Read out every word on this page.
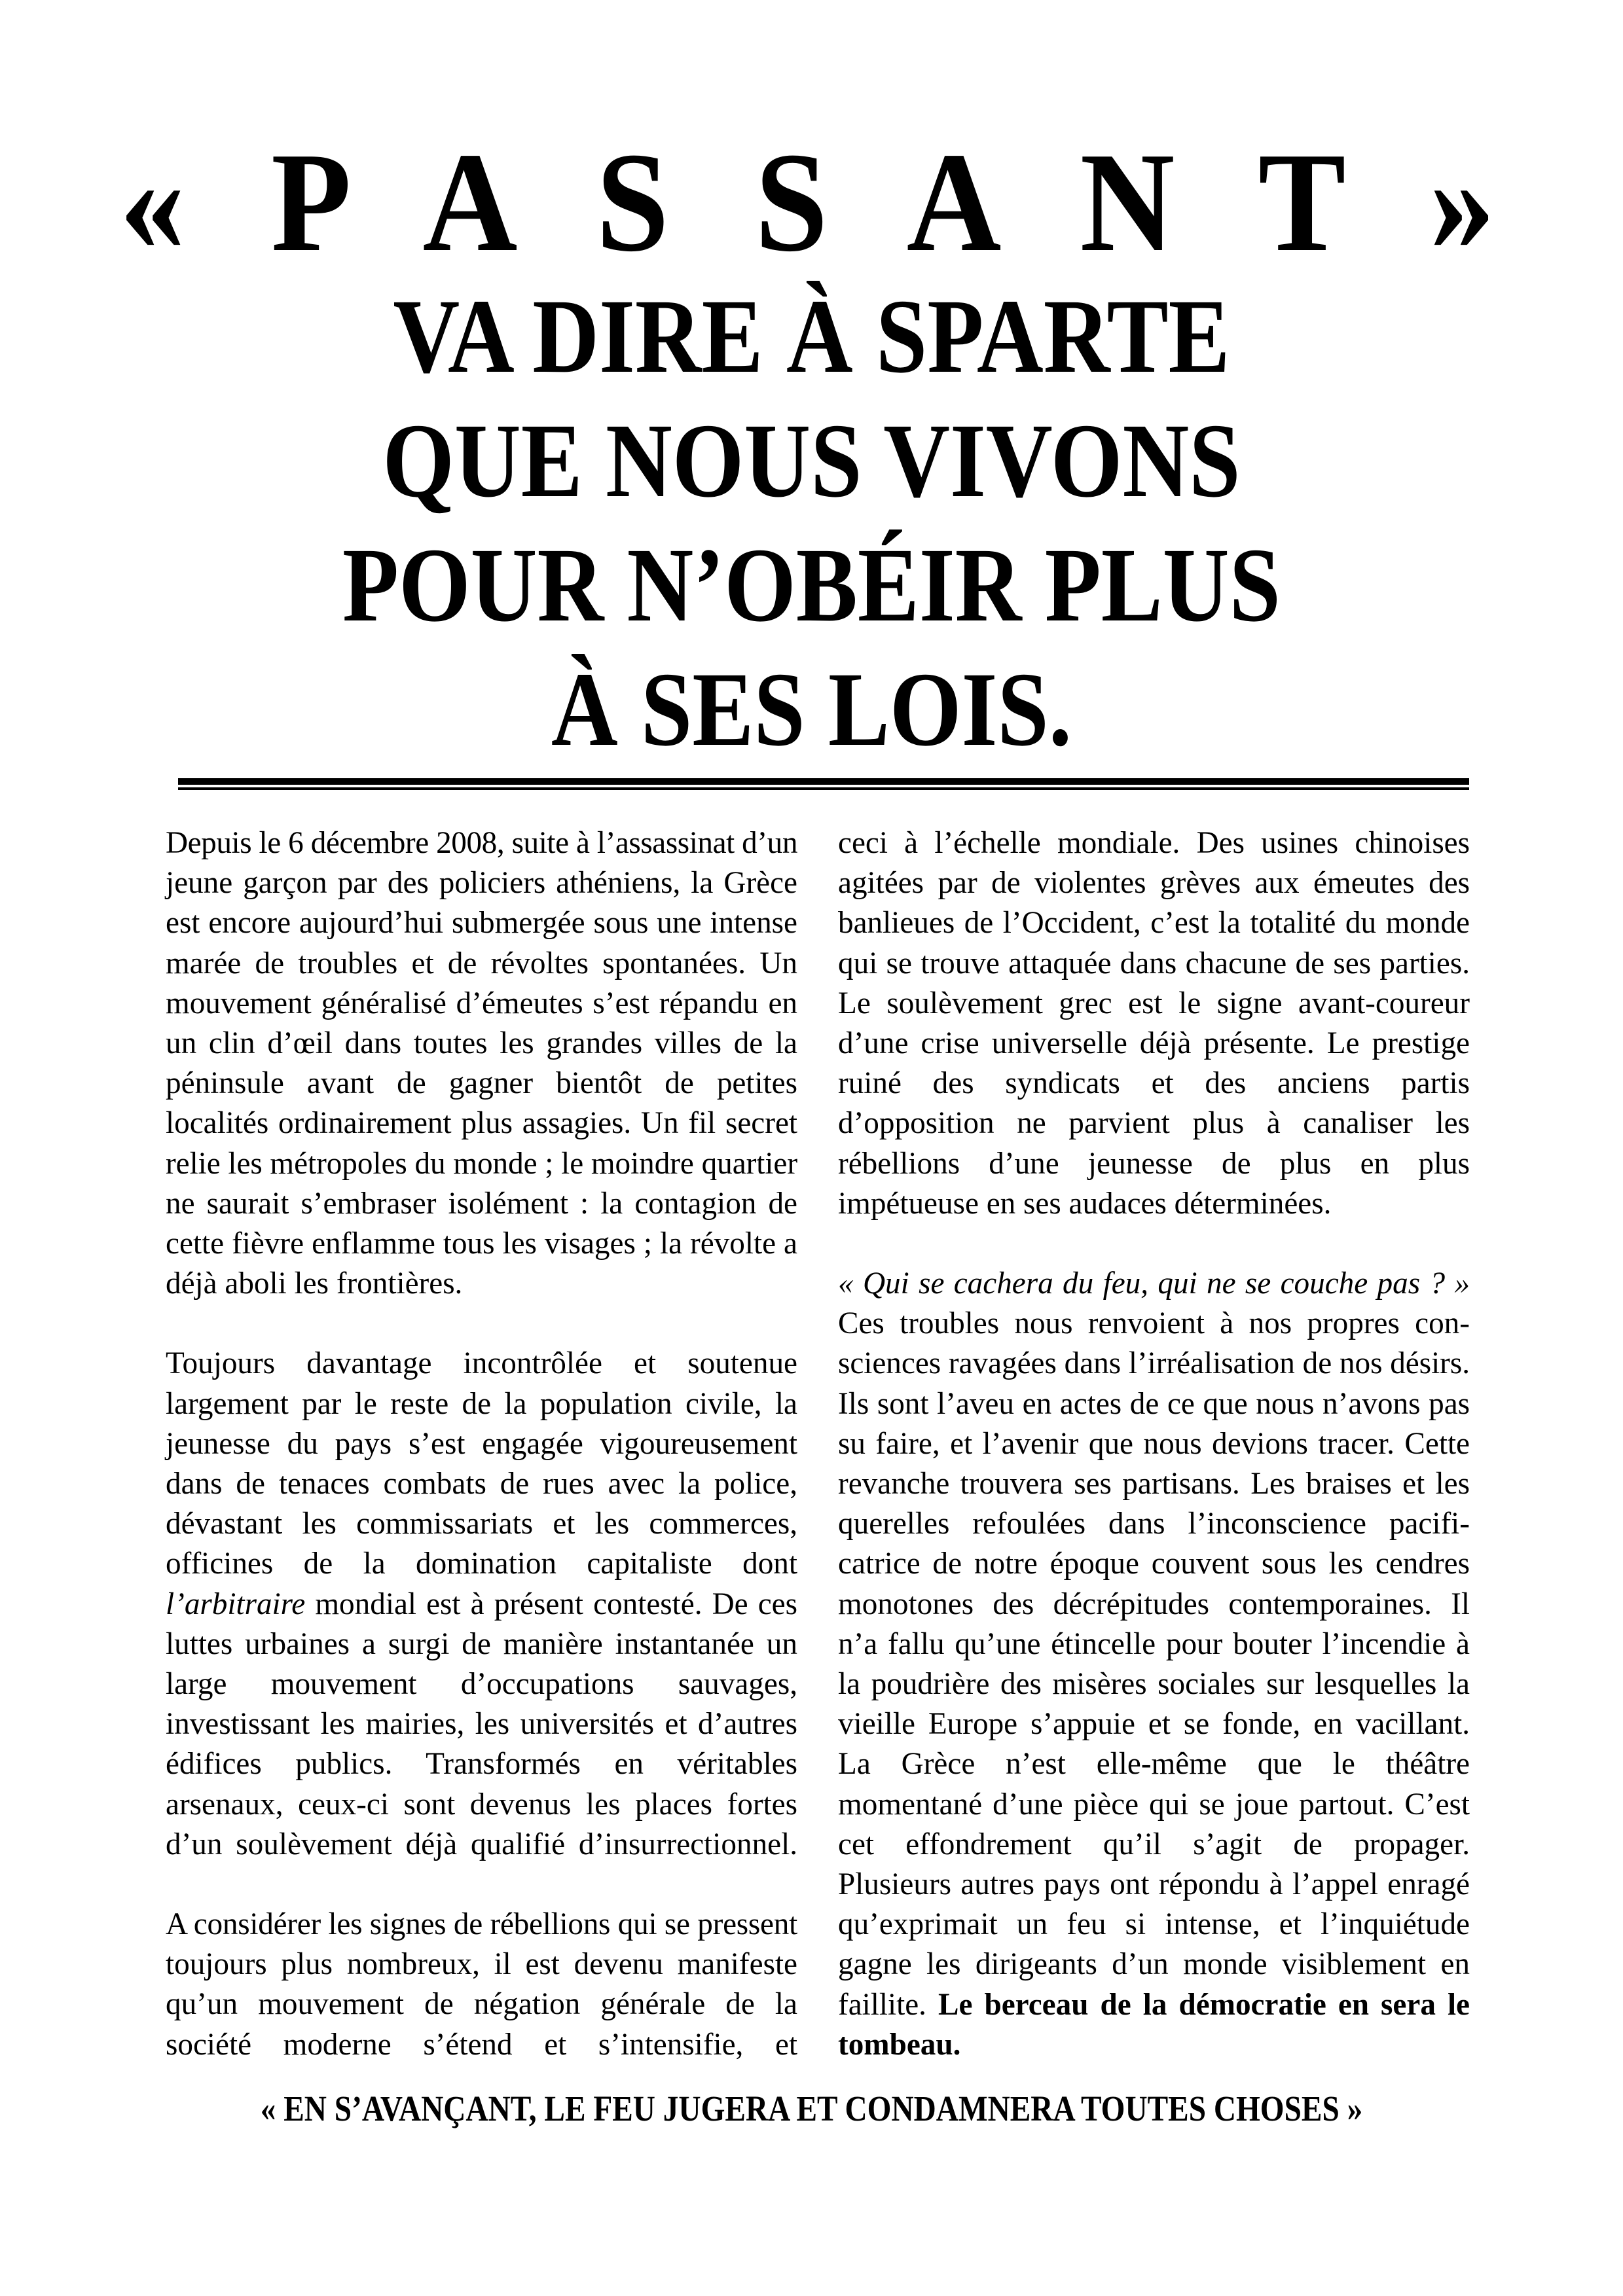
« P A S S A N T »
VA DIRE À SPARTE
QUE NOUS VIVONS
POUR N’OBÉIR PLUS
À SES LOIS.

Depuis le 6 décembre 2008, suite à l’assassinat d’un
jeune garçon par des policiers athéniens, la Grèce
est encore aujourd’hui submergée sous une intense
marée de troubles et de révoltes spontanées. Un
mouvement généralisé d’émeutes s’est répandu en
un clin d’œil dans toutes les grandes villes de la
péninsule avant de gagner bientôt de petites
localités ordinairement plus assagies. Un fil secret
relie les métropoles du monde ; le moindre quartier
ne saurait s’embraser isolément : la contagion de
cette fièvre enflamme tous les visages ; la révolte a
déjà aboli les frontières.

Toujours davantage incontrôlée et soutenue
largement par le reste de la population civile, la
jeunesse du pays s’est engagée vigoureusement
dans de tenaces combats de rues avec la police,
dévastant les commissariats et les commerces,
officines de la domination capitaliste dont
l’arbitraire mondial est à présent contesté. De ces
luttes urbaines a surgi de manière instantanée un
large mouvement d’occupations sauvages,
investissant les mairies, les universités et d’autres
édifices publics. Transformés en véritables
arsenaux, ceux-ci sont devenus les places fortes
d’un soulèvement déjà qualifié d’insurrectionnel.

A considérer les signes de rébellions qui se pressent
toujours plus nombreux, il est devenu manifeste
qu’un mouvement de négation générale de la
société moderne s’étend et s’intensifie, et

ceci à l’échelle mondiale. Des usines chinoises
agitées par de violentes grèves aux émeutes des
banlieues de l’Occident, c’est la totalité du monde
qui se trouve attaquée dans chacune de ses parties.
Le soulèvement grec est le signe avant-coureur
d’une crise universelle déjà présente. Le prestige
ruiné des syndicats et des anciens partis
d’opposition ne parvient plus à canaliser les
rébellions d’une jeunesse de plus en plus
impétueuse en ses audaces déterminées.

« Qui se cachera du feu, qui ne se couche pas ? »
Ces troubles nous renvoient à nos propres con-
sciences ravagées dans l’irréalisation de nos désirs.
Ils sont l’aveu en actes de ce que nous n’avons pas
su faire, et l’avenir que nous devions tracer. Cette
revanche trouvera ses partisans. Les braises et les
querelles refoulées dans l’inconscience pacifi-
catrice de notre époque couvent sous les cendres
monotones des décrépitudes contemporaines. Il
n’a fallu qu’une étincelle pour bouter l’incendie à
la poudrière des misères sociales sur lesquelles la
vieille Europe s’appuie et se fonde, en vacillant.
La Grèce n’est elle-même que le théâtre
momentané d’une pièce qui se joue partout. C’est
cet effondrement qu’il s’agit de propager.
Plusieurs autres pays ont répondu à l’appel enragé
qu’exprimait un feu si intense, et l’inquiétude
gagne les dirigeants d’un monde visiblement en
faillite. Le berceau de la démocratie en sera le
tombeau.

« EN S’AVANÇANT, LE FEU JUGERA ET CONDAMNERA TOUTES CHOSES »
